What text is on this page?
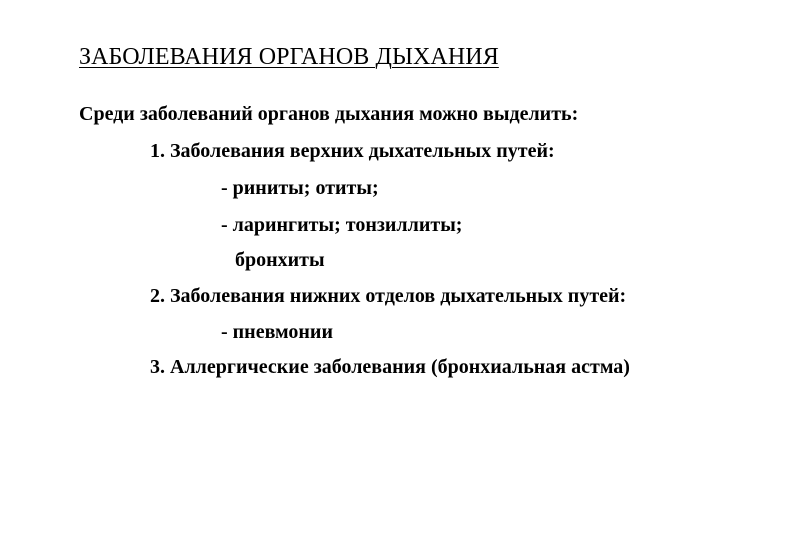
ЗАБОЛЕВАНИЯ ОРГАНОВ ДЫХАНИЯ
Среди заболеваний органов дыхания можно выделить:
1. Заболевания верхних дыхательных путей:
- риниты; отиты;
- ларингиты; тонзиллиты;
бронхиты
2. Заболевания нижних отделов дыхательных путей:
- пневмонии
3. Аллергические заболевания (бронхиальная астма)
